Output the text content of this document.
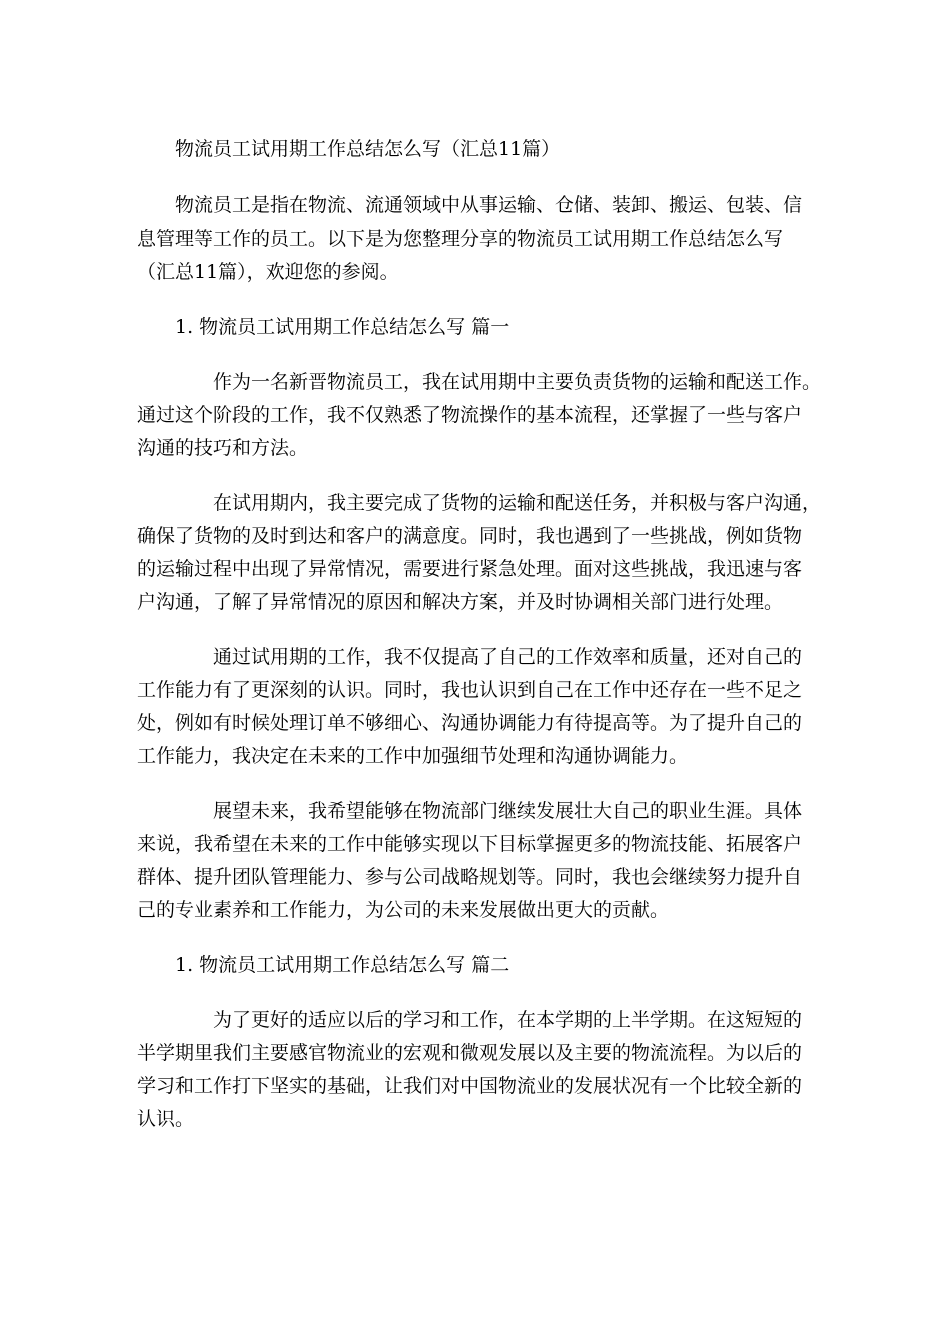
物流员工试用期工作总结怎么写（汇总11篇）
物流员工是指在物流、流通领域中从事运输、仓储、装卸、搬运、包装、信
息管理等工作的员工。以下是为您整理分享的物流员工试用期工作总结怎么写
（汇总11篇），欢迎您的参阅。
1. 物流员工试用期工作总结怎么写 篇一
作为一名新晋物流员工，我在试用期中主要负责货物的运输和配送工作。
通过这个阶段的工作，我不仅熟悉了物流操作的基本流程，还掌握了一些与客户
沟通的技巧和方法。
在试用期内，我主要完成了货物的运输和配送任务，并积极与客户沟通，
确保了货物的及时到达和客户的满意度。同时，我也遇到了一些挑战，例如货物
的运输过程中出现了异常情况，需要进行紧急处理。面对这些挑战，我迅速与客
户沟通，了解了异常情况的原因和解决方案，并及时协调相关部门进行处理。
通过试用期的工作，我不仅提高了自己的工作效率和质量，还对自己的
工作能力有了更深刻的认识。同时，我也认识到自己在工作中还存在一些不足之
处，例如有时候处理订单不够细心、沟通协调能力有待提高等。为了提升自己的
工作能力，我决定在未来的工作中加强细节处理和沟通协调能力。
展望未来，我希望能够在物流部门继续发展壮大自己的职业生涯。具体
来说，我希望在未来的工作中能够实现以下目标掌握更多的物流技能、拓展客户
群体、提升团队管理能力、参与公司战略规划等。同时，我也会继续努力提升自
己的专业素养和工作能力，为公司的未来发展做出更大的贡献。
1. 物流员工试用期工作总结怎么写 篇二
为了更好的适应以后的学习和工作，在本学期的上半学期。在这短短的
半学期里我们主要感官物流业的宏观和微观发展以及主要的物流流程。为以后的
学习和工作打下坚实的基础，让我们对中国物流业的发展状况有一个比较全新的
认识。
